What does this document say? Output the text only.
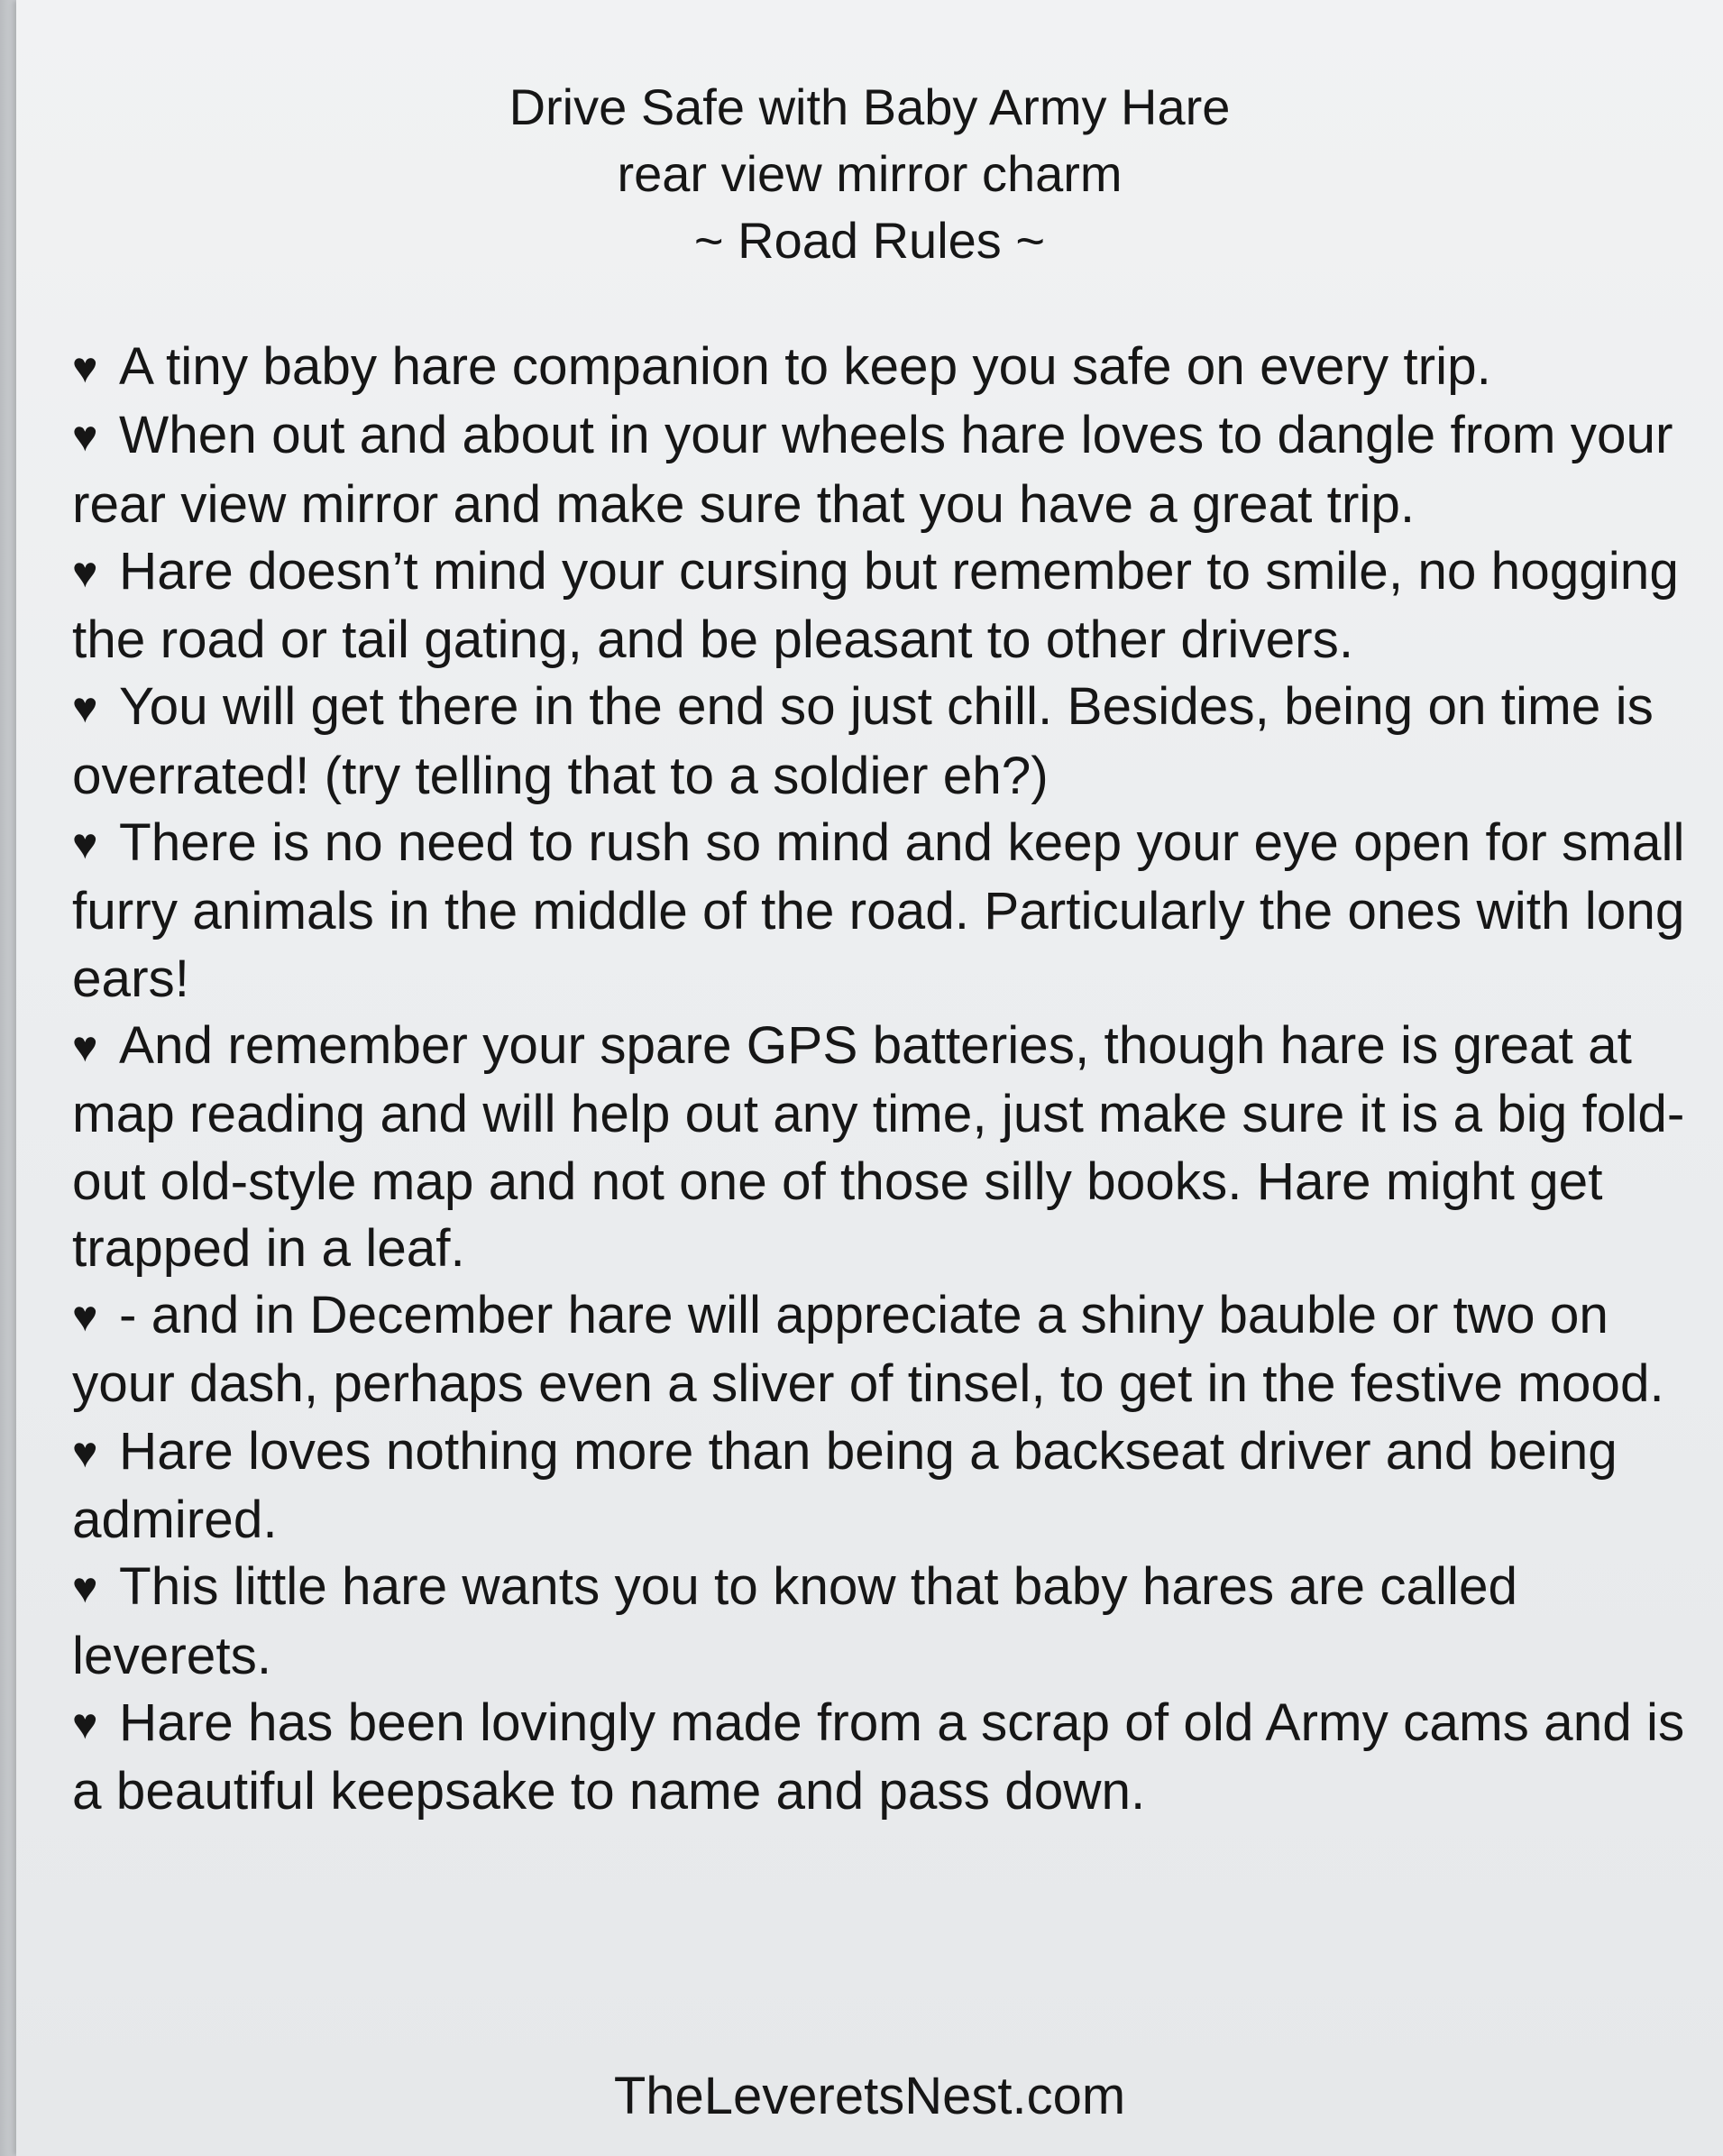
Drive Safe with Baby Army Hare
rear view mirror charm
~ Road Rules ~
♥ A tiny baby hare companion to keep you safe on every trip.
♥ When out and about in your wheels hare loves to dangle from your rear view mirror and make sure that you have a great trip.
♥ Hare doesn’t mind your cursing but remember to smile, no hogging the road or tail gating, and be pleasant to other drivers.
♥ You will get there in the end so just chill. Besides, being on time is overrated! (try telling that to a soldier eh?)
♥ There is no need to rush so mind and keep your eye open for small furry animals in the middle of the road. Particularly the ones with long ears!
♥ And remember your spare GPS batteries, though hare is great at map reading and will help out any time, just make sure it is a big fold-out old-style map and not one of those silly books. Hare might get trapped in a leaf.
♥ - and in December hare will appreciate a shiny bauble or two on your dash, perhaps even a sliver of tinsel, to get in the festive mood.
♥ Hare loves nothing more than being a backseat driver and being admired.
♥ This little hare wants you to know that baby hares are called leverets.
♥ Hare has been lovingly made from a scrap of old Army cams and is a beautiful keepsake to name and pass down.
TheLeveretsNest.com
